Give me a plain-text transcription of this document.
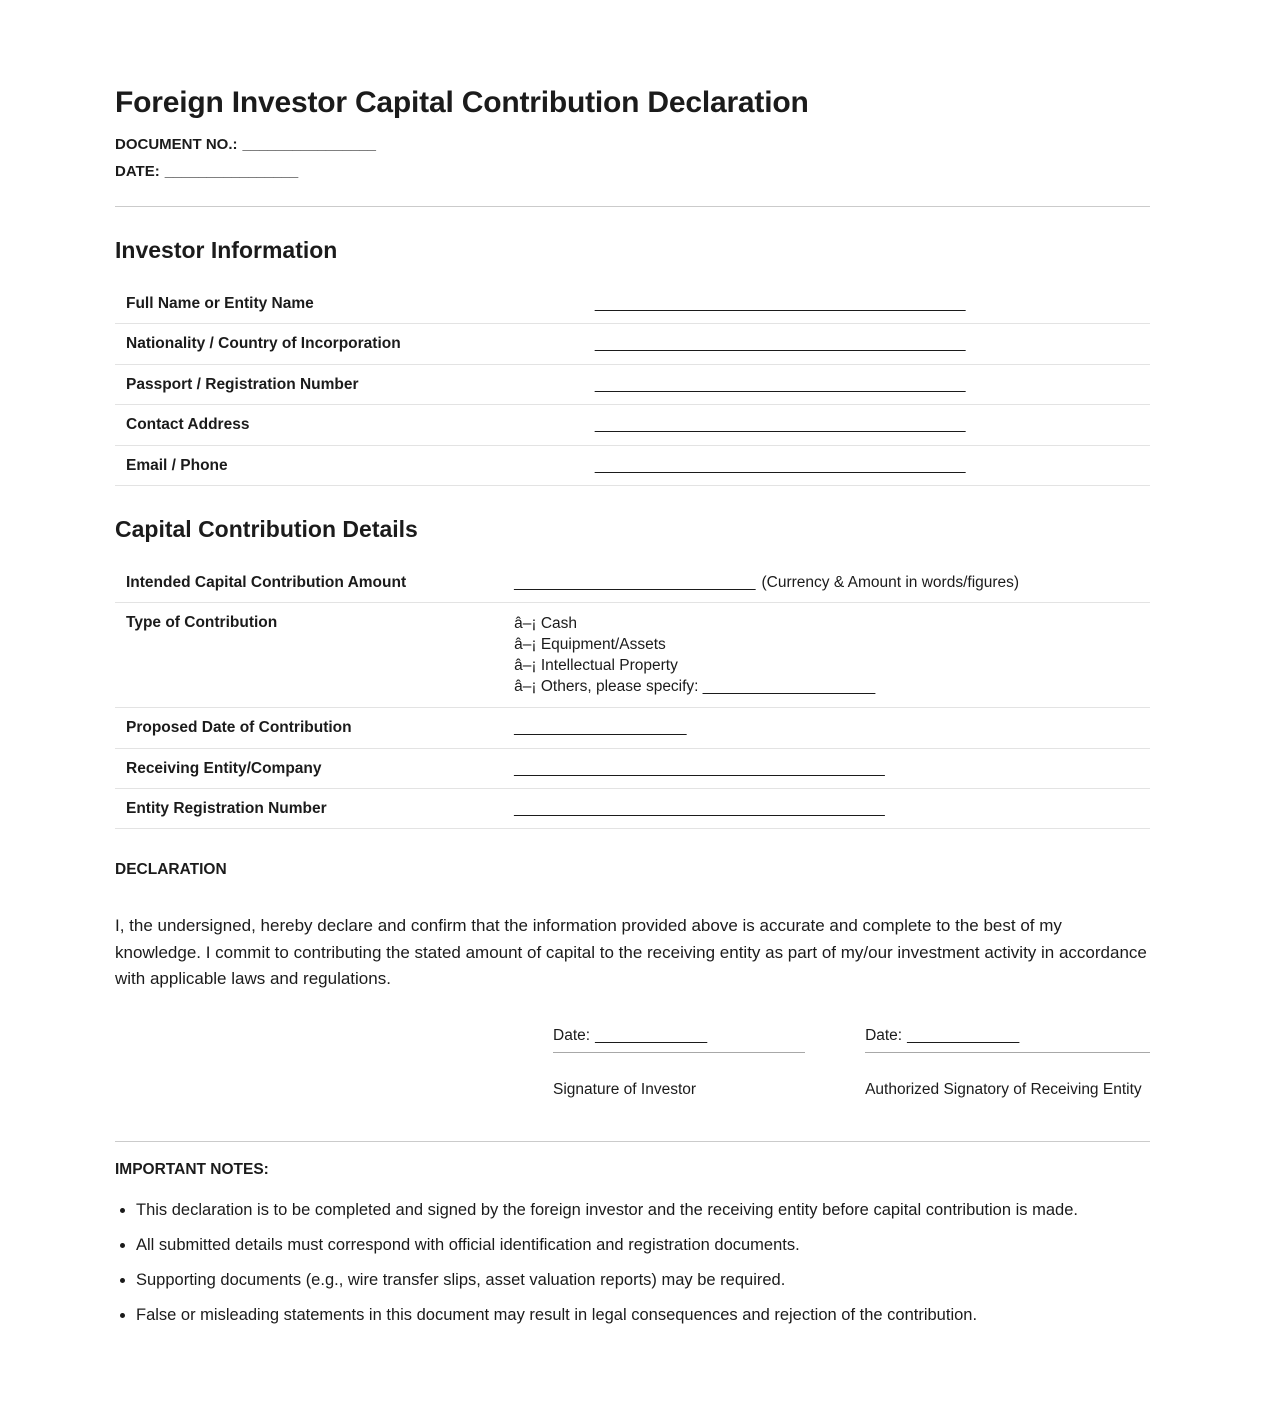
Foreign Investor Capital Contribution Declaration

DOCUMENT NO.: ________________

DATE: ________________

Investor Information
Full Name or Entity Name	___________________________________________
Nationality / Country of Incorporation	___________________________________________
Passport / Registration Number	___________________________________________
Contact Address	___________________________________________
Email / Phone	___________________________________________
Capital Contribution Details
Intended Capital Contribution Amount	____________________________ (Currency & Amount in words/figures)
Type of Contribution	â–¡ Cash
â–¡ Equipment/Assets
â–¡ Intellectual Property
â–¡ Others, please specify: ____________________

Proposed Date of Contribution	____________________
Receiving Entity/Company	___________________________________________
Entity Registration Number	___________________________________________

DECLARATION

I, the undersigned, hereby declare and confirm that the information provided above is accurate and complete to the best of my knowledge. I commit to contributing the stated amount of capital to the receiving entity as part of my/our investment activity in accordance with applicable laws and regulations.

Date: _____________
Signature of Investor
Date: _____________
Authorized Signatory of Receiving Entity

IMPORTANT NOTES:

• This declaration is to be completed and signed by the foreign investor and the receiving entity before capital contribution is made.
• All submitted details must correspond with official identification and registration documents.
• Supporting documents (e.g., wire transfer slips, asset valuation reports) may be required.
• False or misleading statements in this document may result in legal consequences and rejection of the contribution.
